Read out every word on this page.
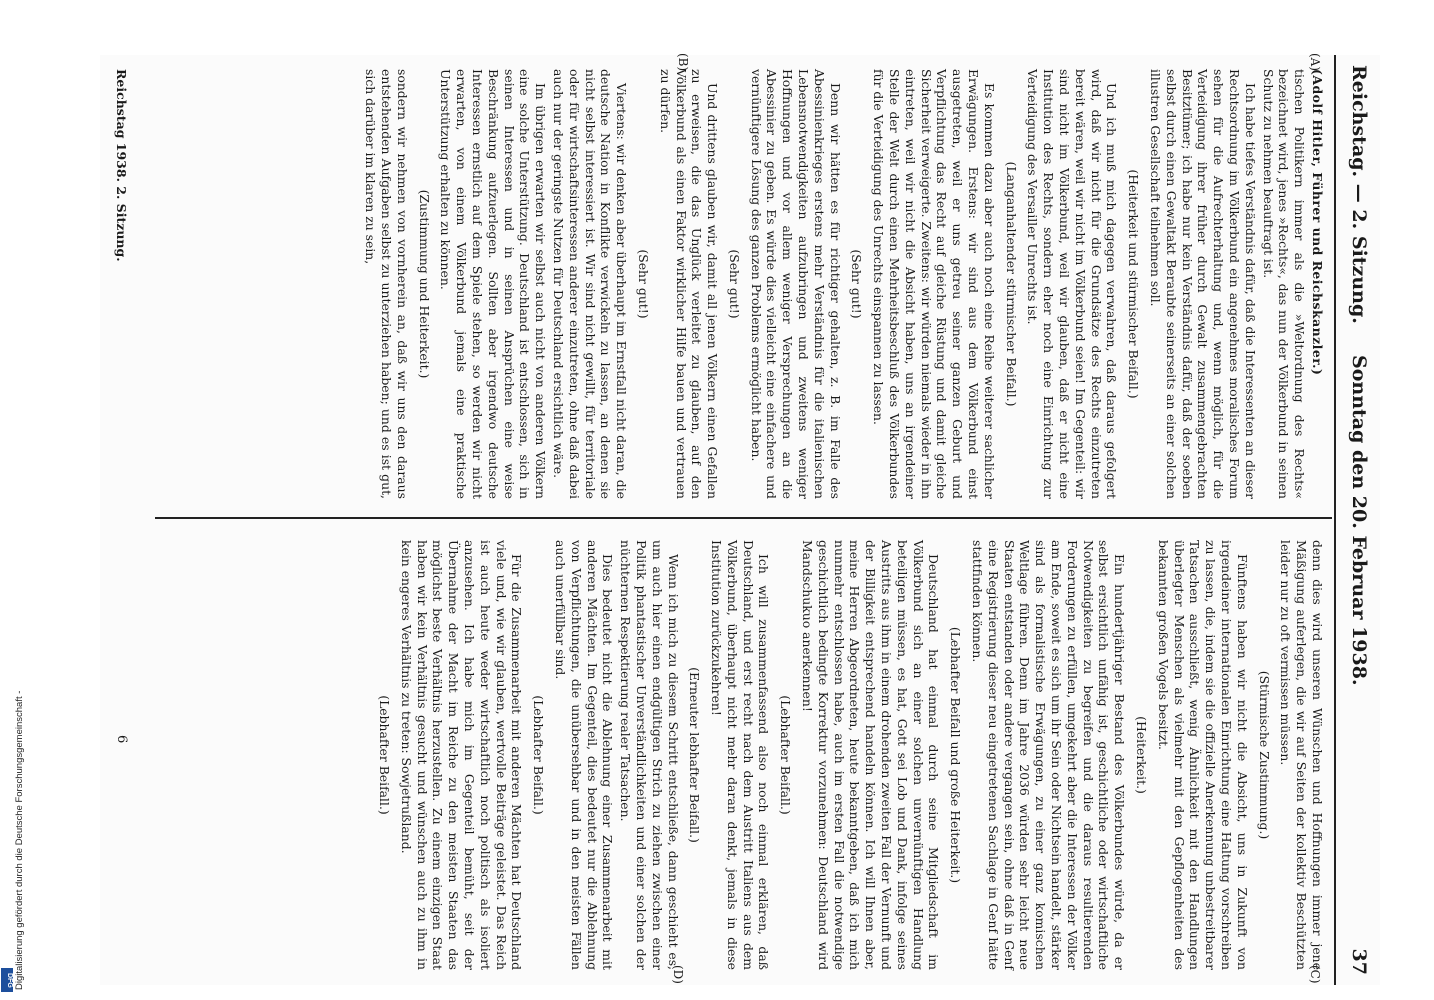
DFG Digitalisierung gefördert durch die Deutsche Forschungsgemeinschaft -
Reichstag. — 2. Sitzung.
Sonntag den 20. Februar 1938.
37
(A)
(B)
(C)
(D)

(Adolf Hitler, Führer und Reichskanzler.)

tischen Politikern immer als die »Weltordnung des Rechts« bezeichnet wird, jenes »Rechts«, das nun der Völkerbund in seinen Schutz zu nehmen beauftragt ist.

Ich habe tiefes Verständnis dafür, daß die Interessenten an dieser Rechtsordnung im Völkerbund ein angenehmes moralisches Forum sehen für die Aufrechterhaltung und, wenn möglich, für die Verteidigung ihrer früher durch Gewalt zusammengebrachten Besitztümer; ich habe nur kein Verständnis dafür, daß der soeben selbst durch einen Gewaltakt Beraubte seinerseits an einer solchen illustren Gesellschaft teilnehmen soll.

(Heiterkeit und stürmischer Beifall.)

Und ich muß mich dagegen verwahren, daß daraus gefolgert wird, daß wir nicht für die Grundsätze des Rechts einzutreten bereit wären, weil wir nicht im Völkerbund seien! Im Gegenteil: wir sind nicht im Völkerbund, weil wir glauben, daß er nicht eine Institution des Rechts, sondern eher noch eine Einrichtung zur Verteidigung des Versailler Unrechts ist.

(Langanhaltender stürmischer Beifall.)

Es kommen dazu aber auch noch eine Reihe weiterer sachlicher Erwägungen. Erstens: wir sind aus dem Völkerbund einst ausgetreten, weil er uns getreu seiner ganzen Geburt und Verpflichtung das Recht auf gleiche Rüstung und damit gleiche Sicherheit verweigerte. Zweitens: wir würden niemals wieder in ihn eintreten, weil wir nicht die Absicht haben, uns an irgendeiner Stelle der Welt durch einen Mehrheitsbeschluß des Völkerbundes für die Verteidigung des Unrechts einspannen zu lassen.

(Sehr gut!)

Denn wir hätten es für richtiger gehalten, z. B. im Falle des Abessinienkrieges erstens mehr Verständnis für die italienischen Lebensnotwendigkeiten aufzubringen und zweitens weniger Hoffnungen und vor allem weniger Versprechungen an die Abessinier zu geben. Es würde dies vielleicht eine einfachere und vernünftigere Lösung des ganzen Problems ermöglicht haben.

(Sehr gut!)

Und drittens glauben wir, damit all jenen Völkern einen Gefallen zu erweisen, die das Unglück verleitet zu glauben, auf den Völkerbund als einen Faktor wirklicher Hilfe bauen und vertrauen zu dürfen.

(Sehr gut!)

Viertens: wir denken aber überhaupt im Ernstfall nicht daran, die deutsche Nation in Konflikte verwickeln zu lassen, an denen sie nicht selbst interessiert ist. Wir sind nicht gewillt, für territoriale oder für wirtschaftsinteressen anderer einzutreten, ohne daß dabei auch nur der geringste Nutzen für Deutschland ersichtlich wäre.

Im übrigen erwarten wir selbst auch nicht von anderen Völkern eine solche Unterstützung. Deutschland ist entschlossen, sich in seinen Interessen und in seinen Ansprüchen eine weise Beschränkung aufzuerlegen. Sollten aber irgendwo deutsche Interessen ernstlich auf dem Spiele stehen, so werden wir nicht erwarten, von einem Völkerbund jemals eine praktische Unterstützung erhalten zu können.

(Zustimmung und Heiterkeit.)

sondern wir nehmen von vornherein an, daß wir uns den daraus entstehenden Aufgaben selbst zu unterziehen haben; und es ist gut, sich darüber im klaren zu sein,

denn dies wird unseren Wünschen und Hoffnungen immer jene Mäßigung auferlegen, die wir auf Seiten der kollektiv Beschützten leider nur zu oft vermissen müssen.

(Stürmische Zustimmung.)

Fünftens haben wir nicht die Absicht, uns in Zukunft von irgendeiner internationalen Einrichtung eine Haltung vorschreiben zu lassen, die, indem sie die offizielle Anerkennung unbestreitbarer Tatsachen ausschließt, wenig Ähnlichkeit mit den Handlungen überlegter Menschen als vielmehr mit den Gepflogenheiten des bekannten großen Vogels besitzt.

(Heiterkeit.)

Ein hundertjähriger Bestand des Völkerbundes würde, da er selbst ersichtlich unfähig ist, geschichtliche oder wirtschaftliche Notwendigkeiten zu begreifen und die daraus resultierenden Forderungen zu erfüllen, umgekehrt aber die Interessen der Völker am Ende, soweit es sich um ihr Sein oder Nichtsein handelt, stärker sind als formalistische Erwägungen, zu einer ganz komischen Weltlage führen. Denn im Jahre 2036 würden sehr leicht neue Staaten entstanden oder andere vergangen sein, ohne daß in Genf eine Registrierung dieser neu eingetretenen Sachlage in Genf hätte stattfinden können.

(Lebhafter Beifall und große Heiterkeit.)

Deutschland hat einmal durch seine Mitgliedschaft im Völkerbund sich an einer solchen unvernünftigen Handlung beteiligen müssen, es hat, Gott sei Lob und Dank, infolge seines Austritts aus ihm in einem drohenden zweiten Fall der Vernunft und der Billigkeit entsprechend handeln können. Ich will Ihnen aber, meine Herren Abgeordneten, heute bekanntgeben, daß ich mich nunmehr entschlossen habe, auch im ersten Fall die notwendige geschichtlich bedingte Korrektur vorzunehmen: Deutschland wird Mandschukuo anerkennen!

(Lebhafter Beifall.)

Ich will zusammenfassend also noch einmal erklären, daß Deutschland, und erst recht nach dem Austritt Italiens aus dem Völkerbund, überhaupt nicht mehr daran denkt, jemals in diese Institution zurückzukehren!

(Erneuter lebhafter Beifall.)

Wenn ich mich zu diesem Schritt entschließe, dann geschieht es, um auch hier einen endgültigen Strich zu ziehen zwischen einer Politik phantastischer Unverständlichkeiten und einer solchen der nüchternen Respektierung realer Tatsachen.

Dies bedeutet nicht die Ablehnung einer Zusammenarbeit mit anderen Mächten. Im Gegenteil, dies bedeutet nur die Ablehnung von Verpflichtungen, die unübersehbar und in den meisten Fällen auch unerfüllbar sind.

(Lebhafter Beifall.)

Für die Zusammenarbeit mit anderen Mächten hat Deutschland viele und, wie wir glauben, wertvolle Beiträge geleistet. Das Reich ist auch heute weder wirtschaftlich noch politisch als isoliert anzusehen. Ich habe mich im Gegenteil bemüht, seit der Übernahme der Macht im Reiche zu den meisten Staaten das möglichst beste Verhältnis herzustellen. Zu einem einzigen Staat haben wir kein Verhältnis gesucht und wünschen auch zu ihm in kein engeres Verhältnis zu treten: Sowjetrußland.

(Lebhafter Beifall.)

Reichstag 1938. 2. Sitzung.
6
